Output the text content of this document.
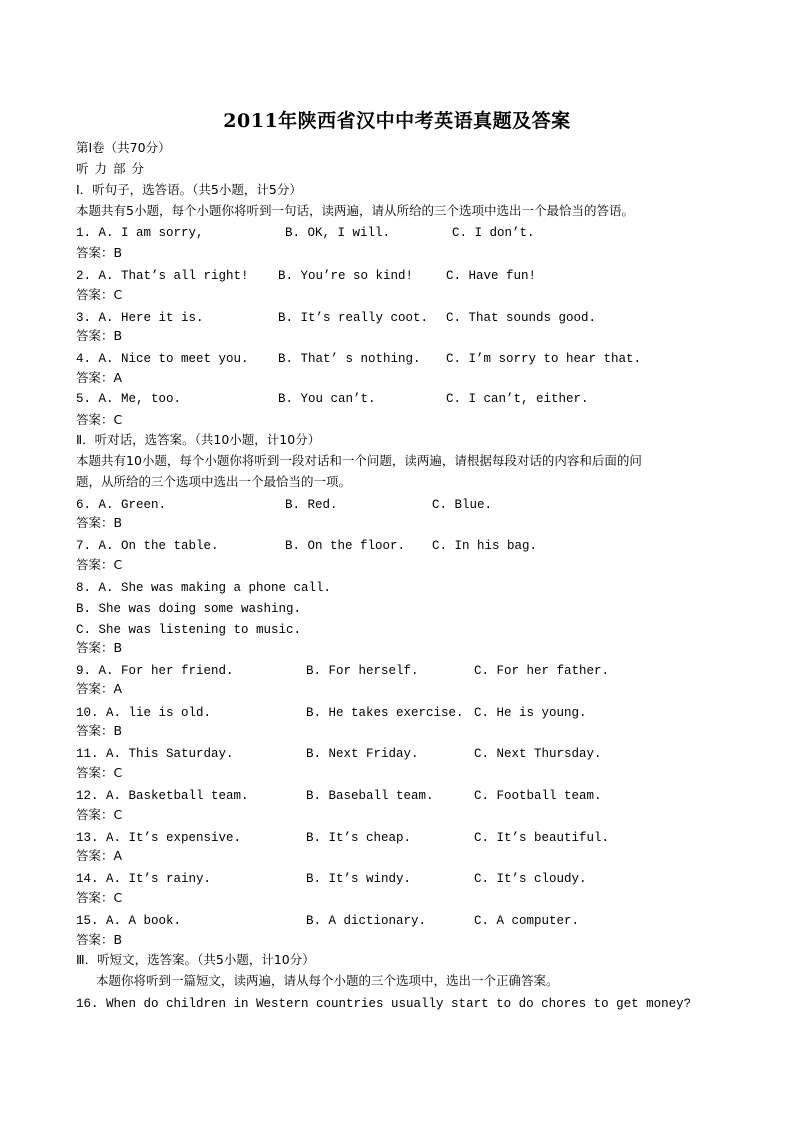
2011年陕西省汉中中考英语真题及答案
第Ⅰ卷（共70分）
听 力 部 分
Ⅰ．听句子，选答语。（共5小题，计5分）
本题共有5小题，每个小题你将听到一句话，读两遍，请从所给的三个选项中选出一个最恰当的答语。
1. A. I am sorry,	B. OK, I will.	C. I don’t.
答案：B
2. A. That’s all right! B. You’re so kind!	C. Have fun!
答案：C
3. A. Here it is.	B. It’s really coot. C. That sounds good.
答案：B
4. A. Nice to meet you. B. That’ s nothing. C. I’m sorry to hear that.
答案：A
5. A. Me, too.	B. You can’t.	C. I can’t, either.
答案：C
Ⅱ．听对话，选答案。（共10小题，计10分）
本题共有10小题，每个小题你将听到一段对话和一个问题，读两遍，请根据每段对话的内容和后面的问
题，从所给的三个选项中选出一个最恰当的一项。
6. A. Green.	B. Red.	C. Blue.
答案：B
7. A. On the table.	B. On the floor. C. In his bag.
答案：C
8. A. She was making a phone call.
B. She was doing some washing.
C. She was listening to music.
答案：B
9. A. For her friend.	B. For herself.	C. For her father.
答案：A
10. A. lie is old.	B. He takes exercise. C. He is young.
答案：B
11. A. This Saturday.	B. Next Friday.	C. Next Thursday.
答案：C
12. A. Basketball team.	B. Baseball team.	C. Football team.
答案：C
13. A. It’s expensive.	B. It’s cheap.	C. It’s beautiful.
答案：A
14. A. It’s rainy.	B. It’s windy.	C. It’s cloudy.
答案：C
15. A. A book.	B. A dictionary.	C. A computer.
答案：B
Ⅲ．听短文，选答案。（共5小题，计10分）
本题你将听到一篇短文，读两遍，请从每个小题的三个选项中，选出一个正确答案。
16. When do children in Western countries usually start to do chores to get money?
